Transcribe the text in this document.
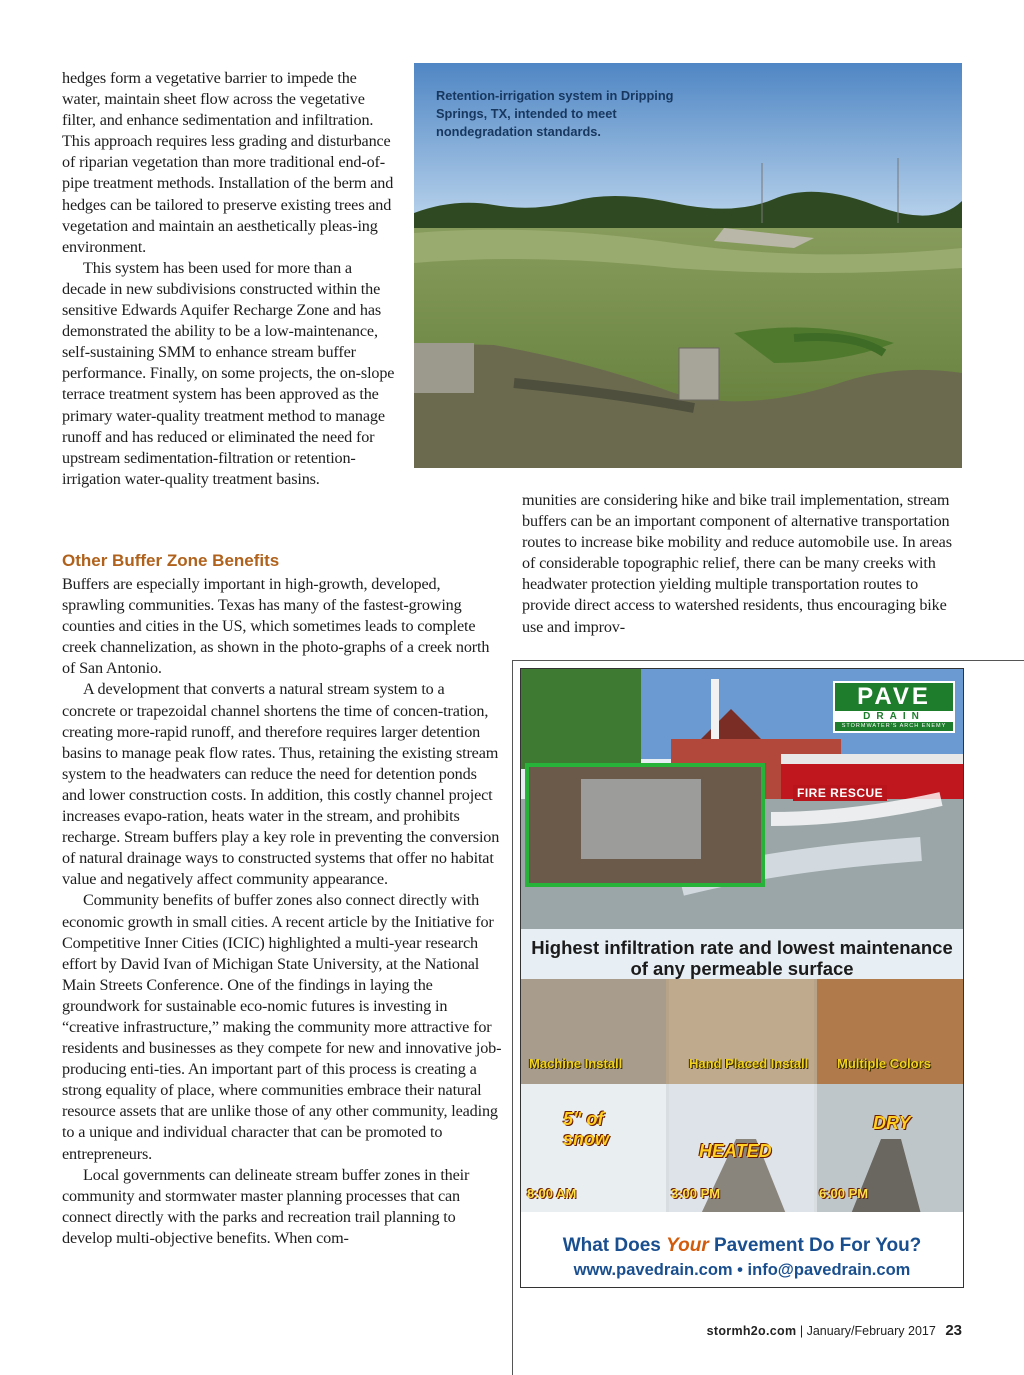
hedges form a vegetative barrier to impede the water, maintain sheet flow across the vegetative filter, and enhance sedimentation and infiltration. This approach requires less grading and disturbance of riparian vegetation than more traditional end-of-pipe treatment methods. Installation of the berm and hedges can be tailored to preserve existing trees and vegetation and maintain an aesthetically pleas-ing environment.

This system has been used for more than a decade in new subdivisions constructed within the sensitive Edwards Aquifer Recharge Zone and has demonstrated the ability to be a low-maintenance, self-sustaining SMM to enhance stream buffer performance. Finally, on some projects, the on-slope terrace treatment system has been approved as the primary water-quality treatment method to manage runoff and has reduced or eliminated the need for upstream sedimentation-filtration or retention-irrigation water-quality treatment basins.

Retention-irrigation system in Dripping Springs, TX, intended to meet nondegradation standards.
Other Buffer Zone Benefits

Buffers are especially important in high-growth, developed, sprawling communities. Texas has many of the fastest-growing counties and cities in the US, which sometimes leads to complete creek channelization, as shown in the photo-graphs of a creek north of San Antonio.

A development that converts a natural stream system to a concrete or trapezoidal channel shortens the time of concen-tration, creating more-rapid runoff, and therefore requires larger detention basins to manage peak flow rates. Thus, retaining the existing stream system to the headwaters can reduce the need for detention ponds and lower construction costs. In addition, this costly channel project increases evapo-ration, heats water in the stream, and prohibits recharge. Stream buffers play a key role in preventing the conversion of natural drainage ways to constructed systems that offer no habitat value and negatively affect community appearance.

Community benefits of buffer zones also connect directly with economic growth in small cities. A recent article by the Initiative for Competitive Inner Cities (ICIC) highlighted a multi-year research effort by David Ivan of Michigan State University, at the National Main Streets Conference. One of the findings in laying the groundwork for sustainable eco-nomic futures is investing in “creative infrastructure,” making the community more attractive for residents and businesses as they compete for new and innovative job-producing enti-ties. An important part of this process is creating a strong equality of place, where communities embrace their natural resource assets that are unlike those of any other community, leading to a unique and individual character that can be promoted to entrepreneurs.

Local governments can delineate stream buffer zones in their community and stormwater master planning processes that can connect directly with the parks and recreation trail planning to develop multi-objective benefits. When com-

munities are considering hike and bike trail implementation, stream buffers can be an important component of alternative transportation routes to increase bike mobility and reduce automobile use. In areas of considerable topographic relief, there can be many creeks with headwater protection yielding multiple transportation routes to provide direct access to watershed residents, thus encouraging bike use and improv-

PAVE
DRAIN
STORMWATER'S ARCH ENEMY
FIRE RESCUE
Highest infiltration rate and lowest maintenance of any permeable surface
Machine Install	Hand Placed Install Multiple Colors
5" of snow
HEATED
DRY
8:00 AM	3:00 PM	6:00 PM
What Does Your Pavement Do For You?
www.pavedrain.com • info@pavedrain.com
stormh2o.com | January/February 2017 23
